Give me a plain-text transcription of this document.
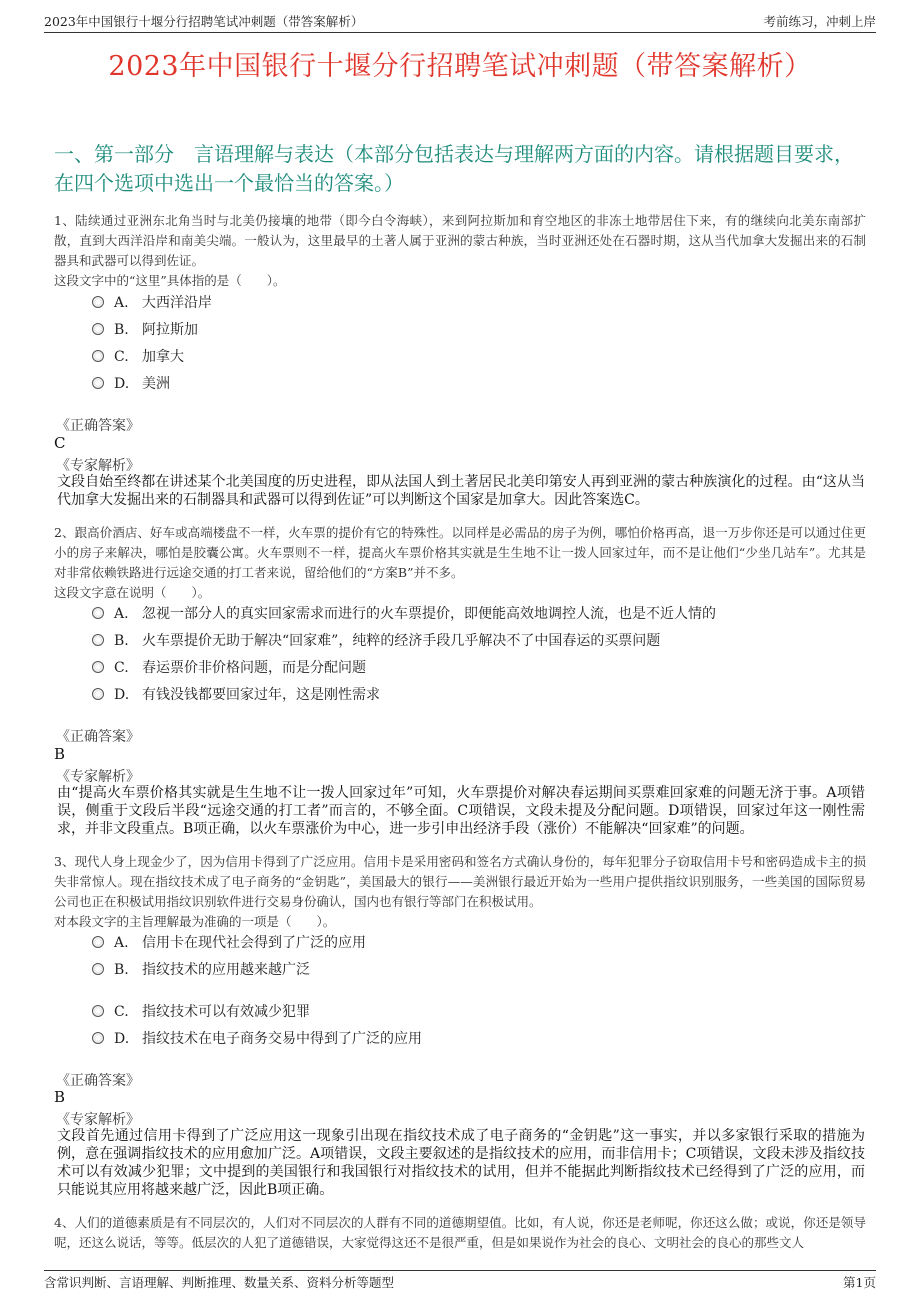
2023年中国银行十堰分行招聘笔试冲刺题（带答案解析）	考前练习，冲刺上岸
2023年中国银行十堰分行招聘笔试冲刺题（带答案解析）
一、第一部分　言语理解与表达（本部分包括表达与理解两方面的内容。请根据题目要求，在四个选项中选出一个最恰当的答案。）
1、陆续通过亚洲东北角当时与北美仍接壤的地带（即今白令海峡），来到阿拉斯加和育空地区的非冻土地带居住下来，有的继续向北美东南部扩散，直到大西洋沿岸和南美尖端。一般认为，这里最早的土著人属于亚洲的蒙古种族，当时亚洲还处在石器时期，这从当代加拿大发掘出来的石制器具和武器可以得到佐证。
这段文字中的“这里”具体指的是（　　）。
A. 大西洋沿岸
B. 阿拉斯加
C. 加拿大
D. 美洲
《正确答案》
C
《专家解析》
文段自始至终都在讲述某个北美国度的历史进程，即从法国人到土著居民北美印第安人再到亚洲的蒙古种族演化的过程。由“这从当代加拿大发掘出来的石制器具和武器可以得到佐证”可以判断这个国家是加拿大。因此答案选C。
2、跟高价酒店、好车或高端楼盘不一样，火车票的提价有它的特殊性。以同样是必需品的房子为例，哪怕价格再高，退一万步你还是可以通过住更小的房子来解决，哪怕是胶囊公寓。火车票则不一样，提高火车票价格其实就是生生地不让一拨人回家过年，而不是让他们“少坐几站车”。尤其是对非常依赖铁路进行远途交通的打工者来说，留给他们的“方案B”并不多。
这段文字意在说明（　　）。
A. 忽视一部分人的真实回家需求而进行的火车票提价，即便能高效地调控人流，也是不近人情的
B. 火车票提价无助于解决“回家难”，纯粹的经济手段几乎解决不了中国春运的买票问题
C. 春运票价非价格问题，而是分配问题
D. 有钱没钱都要回家过年，这是刚性需求
《正确答案》
B
《专家解析》
由“提高火车票价格其实就是生生地不让一拨人回家过年”可知，火车票提价对解决春运期间买票难回家难的问题无济于事。A项错误，侧重于文段后半段“远途交通的打工者”而言的，不够全面。C项错误，文段未提及分配问题。D项错误，回家过年这一刚性需求，并非文段重点。B项正确，以火车票涨价为中心，进一步引申出经济手段（涨价）不能解决“回家难”的问题。
3、现代人身上现金少了，因为信用卡得到了广泛应用。信用卡是采用密码和签名方式确认身份的，每年犯罪分子窃取信用卡号和密码造成卡主的损失非常惊人。现在指纹技术成了电子商务的“金钥匙”，美国最大的银行——美洲银行最近开始为一些用户提供指纹识别服务，一些美国的国际贸易公司也正在积极试用指纹识别软件进行交易身份确认，国内也有银行等部门在积极试用。
对本段文字的主旨理解最为准确的一项是（　　）。
A. 信用卡在现代社会得到了广泛的应用
B. 指纹技术的应用越来越广泛
C. 指纹技术可以有效减少犯罪
D. 指纹技术在电子商务交易中得到了广泛的应用
《正确答案》
B
《专家解析》
文段首先通过信用卡得到了广泛应用这一现象引出现在指纹技术成了电子商务的“金钥匙”这一事实，并以多家银行采取的措施为例，意在强调指纹技术的应用愈加广泛。A项错误，文段主要叙述的是指纹技术的应用，而非信用卡；C项错误，文段未涉及指纹技术可以有效减少犯罪；文中提到的美国银行和我国银行对指纹技术的试用，但并不能据此判断指纹技术已经得到了广泛的应用，而只能说其应用将越来越广泛，因此B项正确。
4、人们的道德素质是有不同层次的，人们对不同层次的人群有不同的道德期望值。比如，有人说，你还是老师呢，你还这么做；或说，你还是领导呢，还这么说话，等等。低层次的人犯了道德错误，大家觉得这还不是很严重，但是如果说作为社会的良心、文明社会的良心的那些文人
含常识判断、言语理解、判断推理、数量关系、资料分析等题型	第1页
